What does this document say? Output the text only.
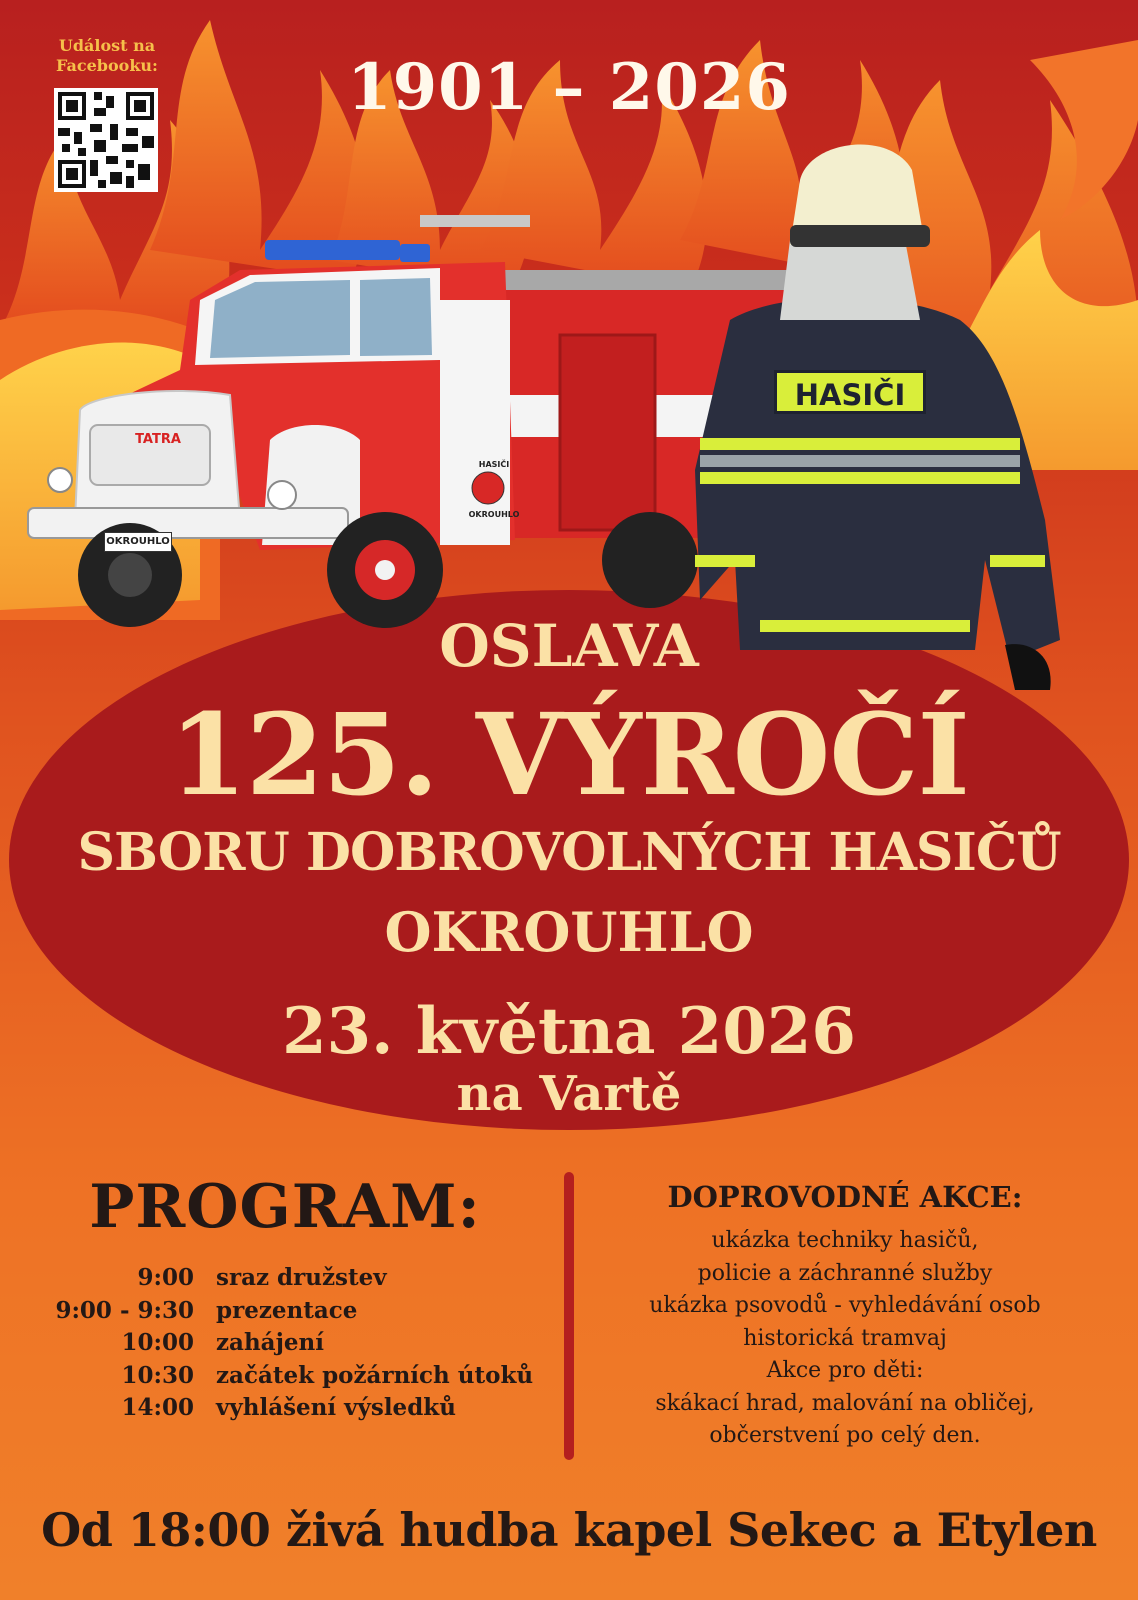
Událost na
Facebooku:	1901 – 2026
TATRA
OKROUHLO
HASIČI
OKROUHLO
HASIČI
OSLAVA
125. VÝROČÍ
SBORU DOBROVOLNÝCH HASIČŮ
OKROUHLO
23. května 2026
na Vartě
PROGRAM:
9:00 sraz družstev
9:00 - 9:30 prezentace
10:00 zahájení
10:30 začátek požárních útoků
14:00 vyhlášení výsledků
DOPROVODNÉ AKCE:
ukázka techniky hasičů,
policie a záchranné služby
ukázka psovodů - vyhledávání osob
historická tramvaj
Akce pro děti:
skákací hrad, malování na obličej,
občerstvení po celý den.
Od 18:00 živá hudba kapel Sekec a Etylen
